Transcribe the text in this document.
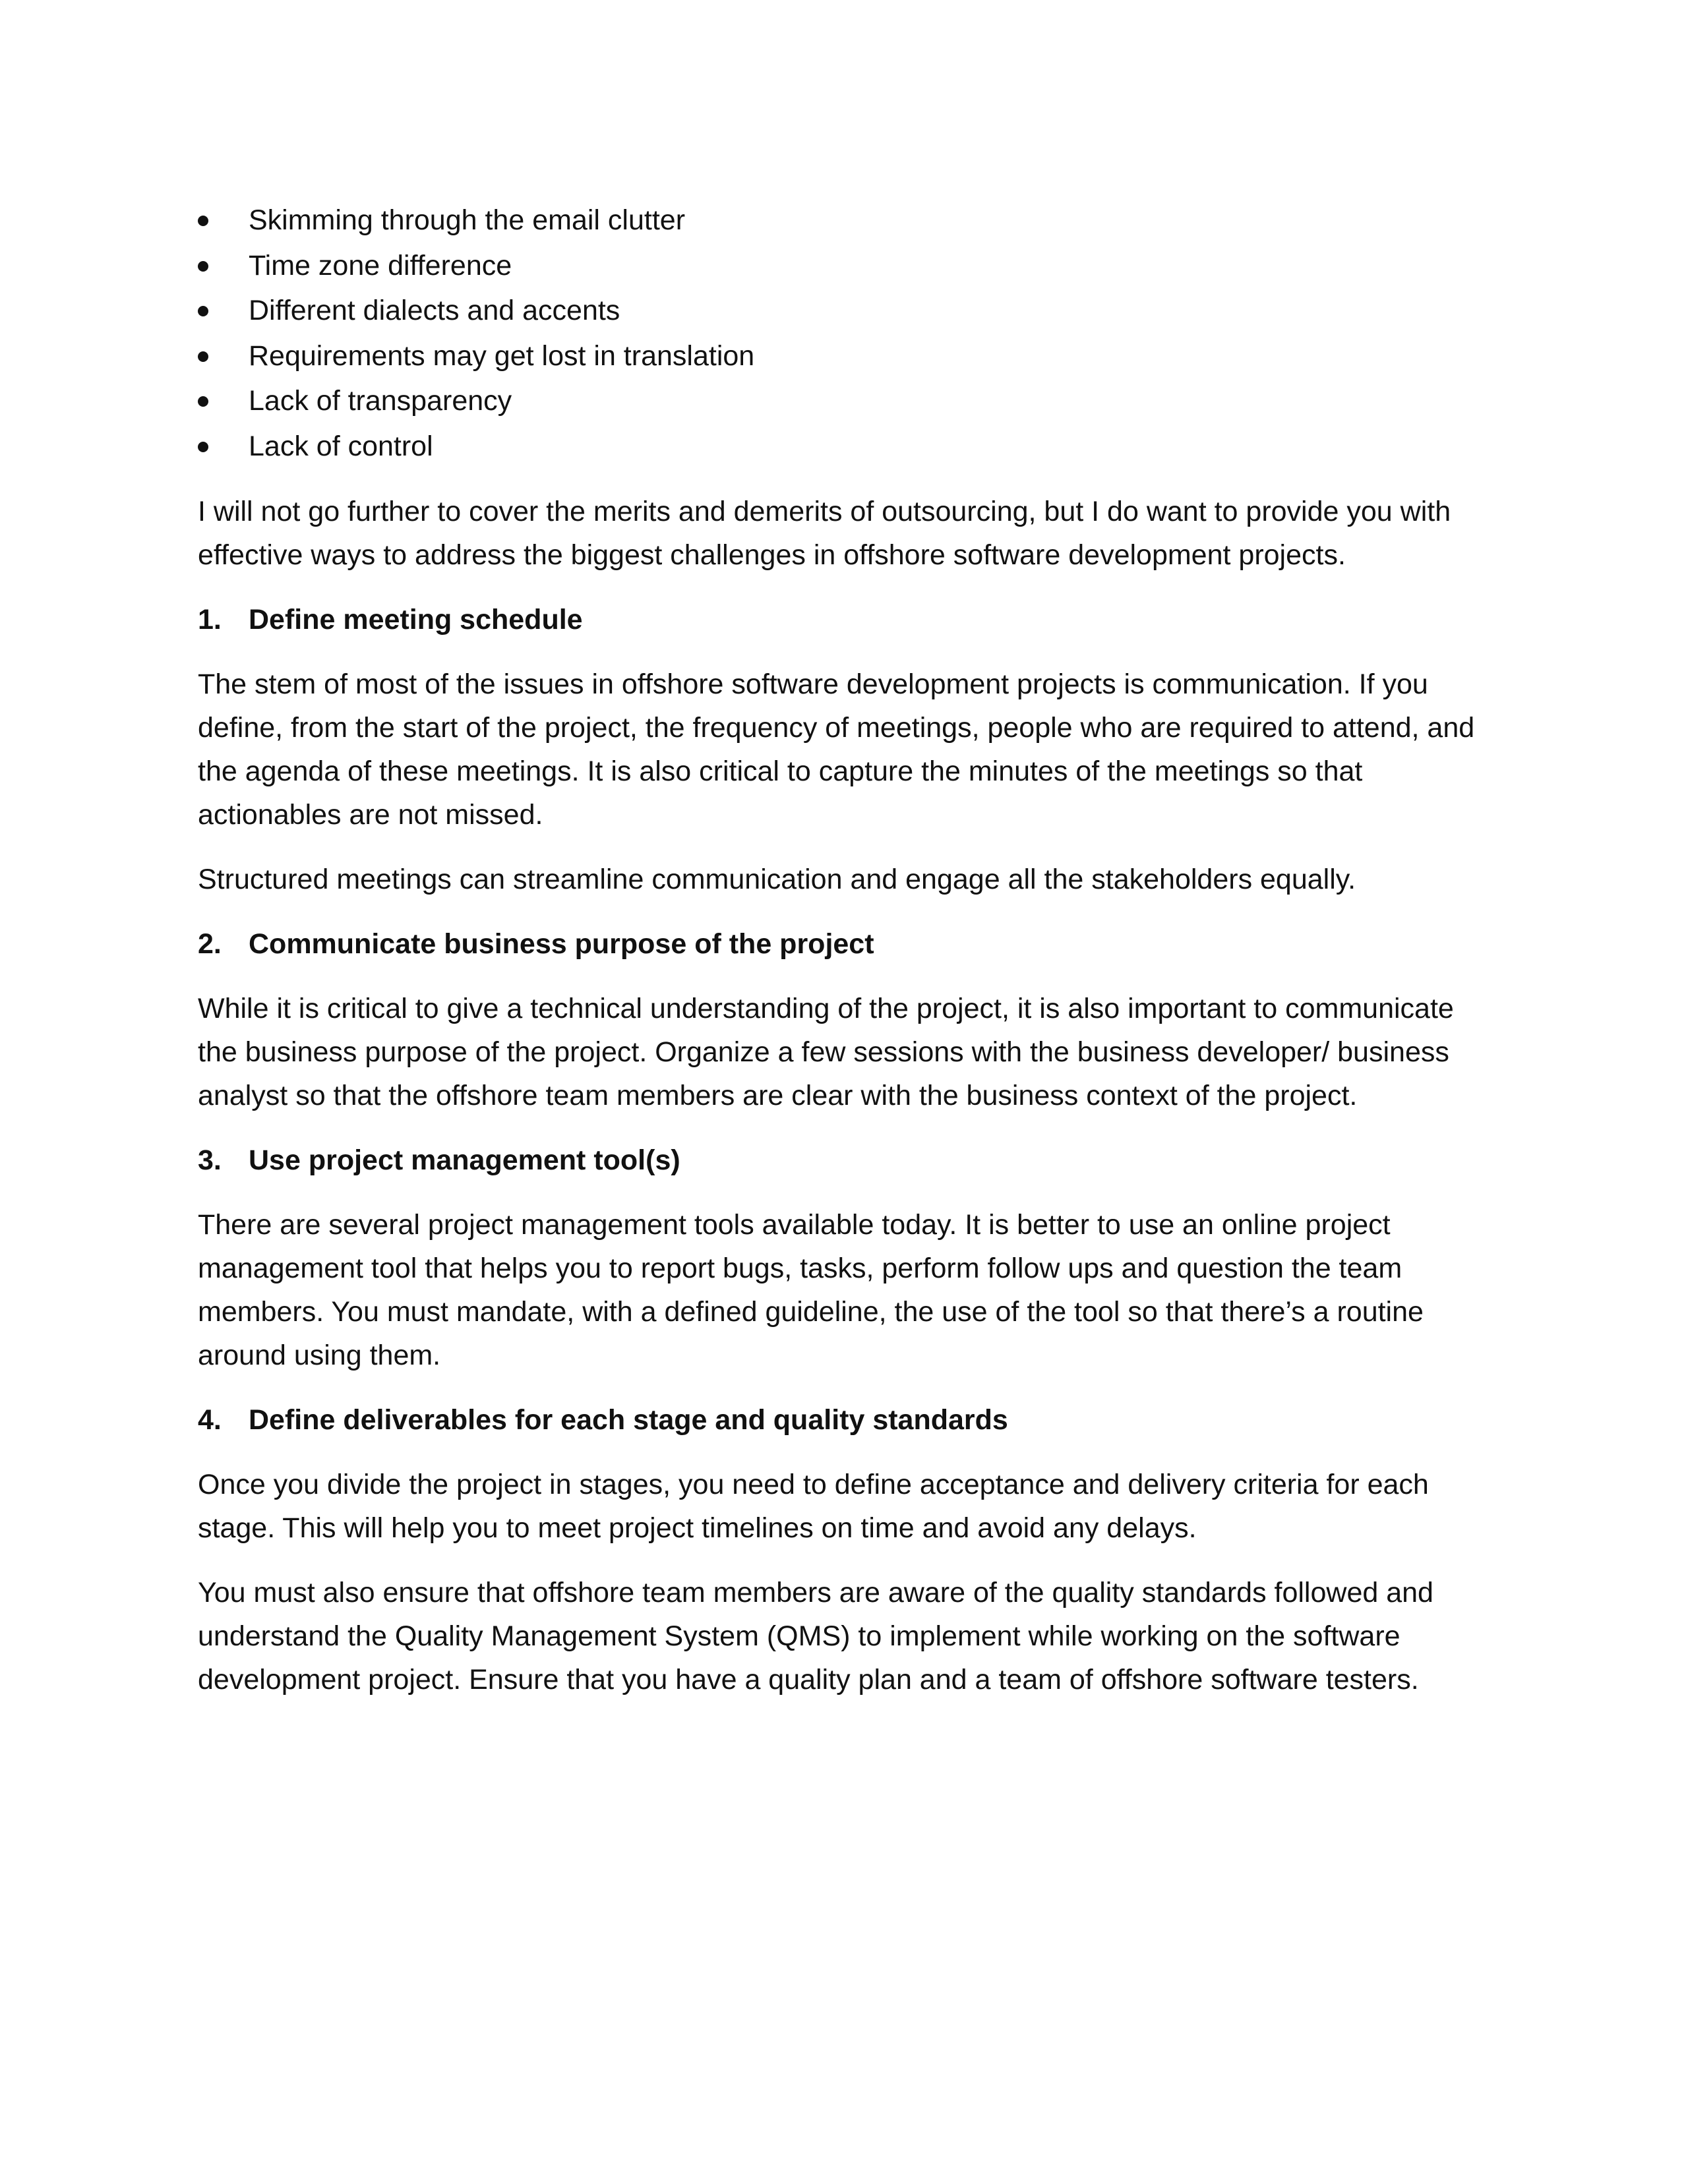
Skimming through the email clutter
Time zone difference
Different dialects and accents
Requirements may get lost in translation
Lack of transparency
Lack of control

I will not go further to cover the merits and demerits of outsourcing, but I do want to provide you with effective ways to address the biggest challenges in offshore software development projects.

1. Define meeting schedule

The stem of most of the issues in offshore software development projects is communication. If you define, from the start of the project, the frequency of meetings, people who are required to attend, and the agenda of these meetings. It is also critical to capture the minutes of the meetings so that actionables are not missed.

Structured meetings can streamline communication and engage all the stakeholders equally.

2. Communicate business purpose of the project

While it is critical to give a technical understanding of the project, it is also important to communicate the business purpose of the project. Organize a few sessions with the business developer/ business analyst so that the offshore team members are clear with the business context of the project.

3. Use project management tool(s)

There are several project management tools available today. It is better to use an online project management tool that helps you to report bugs, tasks, perform follow ups and question the team members. You must mandate, with a defined guideline, the use of the tool so that there’s a routine around using them.

4. Define deliverables for each stage and quality standards

Once you divide the project in stages, you need to define acceptance and delivery criteria for each stage. This will help you to meet project timelines on time and avoid any delays.

You must also ensure that offshore team members are aware of the quality standards followed and understand the Quality Management System (QMS) to implement while working on the software development project. Ensure that you have a quality plan and a team of offshore software testers.
